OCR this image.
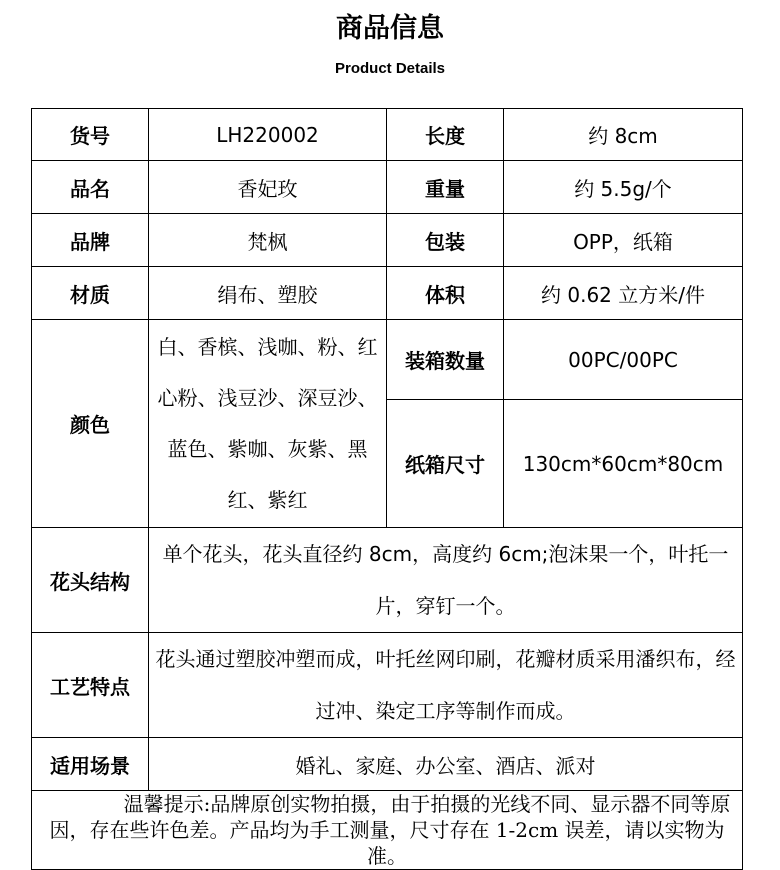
商品信息
Product Details
货号	LH220002	长度	约 8cm
品名	香妃玫	重量	约 5.5g/个
品牌	梵枫	包装	OPP，纸箱
材质	绢布、塑胶	体积	约 0.62 立方米/件
颜色	白、香槟、浅咖、粉、红心粉、浅豆沙、深豆沙、蓝色、紫咖、灰紫、黑红、紫红	装箱数量	00PC/00PC
		纸箱尺寸	130cm*60cm*80cm
花头结构	单个花头，花头直径约 8cm，高度约 6cm;泡沫果一个，叶托一片，穿钉一个。		
工艺特点	花头通过塑胶冲塑而成，叶托丝网印刷，花瓣材质采用潘织布，经过冲、染定工序等制作而成。		
适用场景	婚礼、家庭、办公室、酒店、派对		
温馨提示:品牌原创实物拍摄，由于拍摄的光线不同、显示器不同等原因，存在些许色差。产品均为手工测量，尺寸存在 1-2cm 误差，请以实物为准。			
